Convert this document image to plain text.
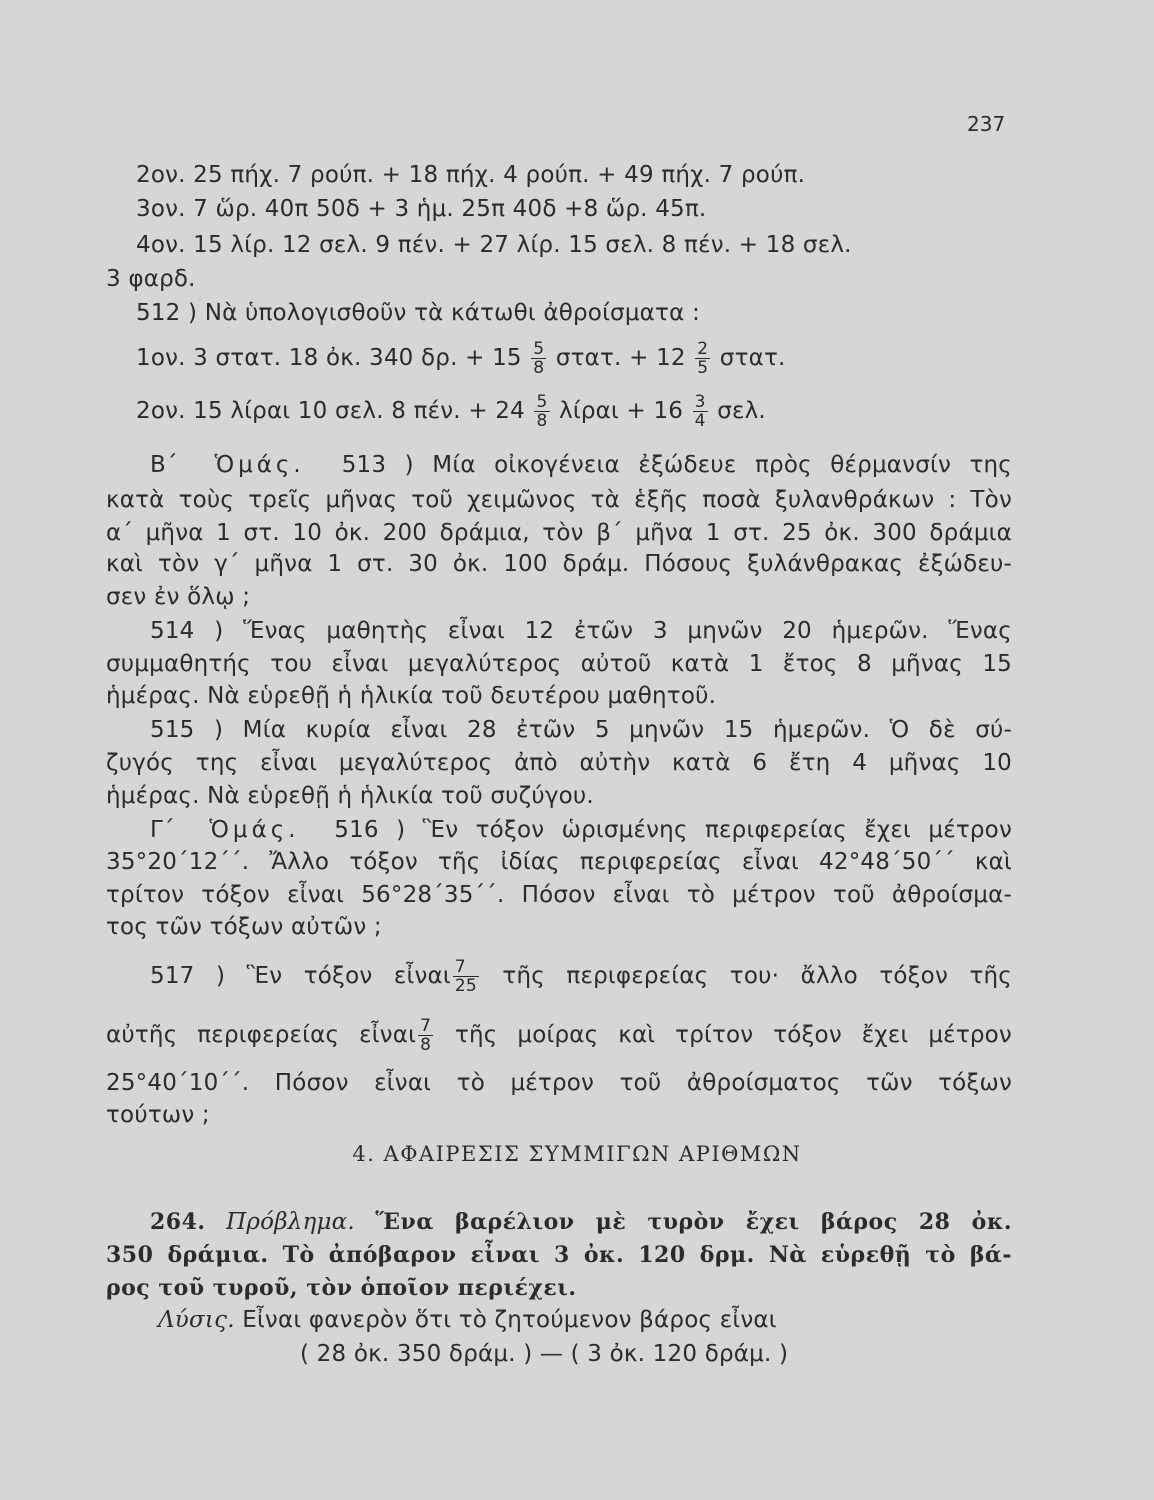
237
2ον. 25 πήχ. 7 ρούπ. + 18 πήχ. 4 ρούπ. + 49 πήχ. 7 ρούπ.
3ον. 7 ὥρ. 40π 50δ + 3 ἡμ. 25π 40δ +8 ὥρ. 45π.
4ον. 15 λίρ. 12 σελ. 9 πέν. + 27 λίρ. 15 σελ. 8 πέν. + 18 σελ.
3 φαρδ.
512 ) Νὰ ὑπολογισθοῦν τὰ κάτωθι ἀθροίσματα :
1ον. 3 στατ. 18 ὀκ. 340 δρ. + $15 \frac{5}{8} \sigma\tau\alpha\tau$. + $12 \frac{2}{5} \sigma\tau\alpha\tau$.
2ον. 15 λίραι 10 σελ. 8 πέν. + $24 \frac{5}{8}$ $\lambda ί\rho\alpha\iota + 16 \frac{3}{4} \sigma\varepsilon\lambda$.
Β΄ Ὁμάς. 513 ) Μία οἰκογένεια ἐξώδευε πρὸς θέρμανσίν της
κατὰ τοὺς τρεῖς μῆνας τοῦ χειμῶνος τὰ ἑξῆς ποσὰ ξυλανθράκων : Τὸν
α΄ μῆνα 1 στ. 10 ὀκ. 200 δράμια, τὸν β΄ μῆνα 1 στ. 25 ὀκ. 300 δράμια
καὶ τὸν γ΄ μῆνα 1 στ. 30 ὀκ. 100 δράμ. Πόσους ξυλάνθρακας ἐξώδευ-
σεν ἐν ὅλῳ ;
514 ) Ἕνας μαθητὴς εἶναι 12 ἐτῶν 3 μηνῶν 20 ἡμερῶν. Ἕνας
συμμαθητής του εἶναι μεγαλύτερος αὐτοῦ κατὰ 1 ἔτος 8 μῆνας 15
ἡμέρας. Νὰ εὑρεθῇ ἡ ἡλικία τοῦ δευτέρου μαθητοῦ.
515 ) Μία κυρία εἶναι 28 ἐτῶν 5 μηνῶν 15 ἡμερῶν. Ὁ δὲ σύ-
ζυγός της εἶναι μεγαλύτερος ἀπὸ αὐτὴν κατὰ 6 ἔτη 4 μῆνας 10
ἡμέρας. Νὰ εὑρεθῇ ἡ ἡλικία τοῦ συζύγου.
Γ΄ Ὁμάς. 516 ) Ἓν τόξον ὡρισμένης περιφερείας ἔχει μέτρον
35°20΄12΄΄. Ἄλλο τόξον τῆς ἰδίας περιφερείας εἶναι 42°48΄50΄΄ καὶ
τρίτον τόξον εἶναι 56°28΄35΄΄. Πόσον εἶναι τὸ μέτρον τοῦ ἀθροίσμα-
τος τῶν τόξων αὐτῶν ;
517 ) Ἓν τόξον εἶναι $\frac{7}{25}$ τῆς περιφερείας του· ἄλλο τόξον τῆς
αὐτῆς περιφερείας εἶναι $\frac{7}{8}$ τῆς μοίρας καὶ τρίτον τόξον ἔχει μέτρον
25°40΄10΄΄. Πόσον εἶναι τὸ μέτρον τοῦ ἀθροίσματος τῶν τόξων
τούτων ;
4. ΑΦΑΙΡΕΣΙΣ ΣΥΜΜΙΓΩΝ ΑΡΙΘΜΩΝ
264. Πρόβλημα. Ἕνα βαρέλιον μὲ τυρὸν ἔχει βάρος 28 ὀκ.
350 δράμια. Τὸ ἀπόβαρον εἶναι 3 ὀκ. 120 δρμ. Νὰ εὑρεθῇ τὸ βά-
ρος τοῦ τυροῦ, τὸν ὁποῖον περιέχει.
Λύσις. Εἶναι φανερὸν ὅτι τὸ ζητούμενον βάρος εἶναι
( 28 ὀκ. 350 δράμ. ) — ( 3 ὀκ. 120 δράμ. )
